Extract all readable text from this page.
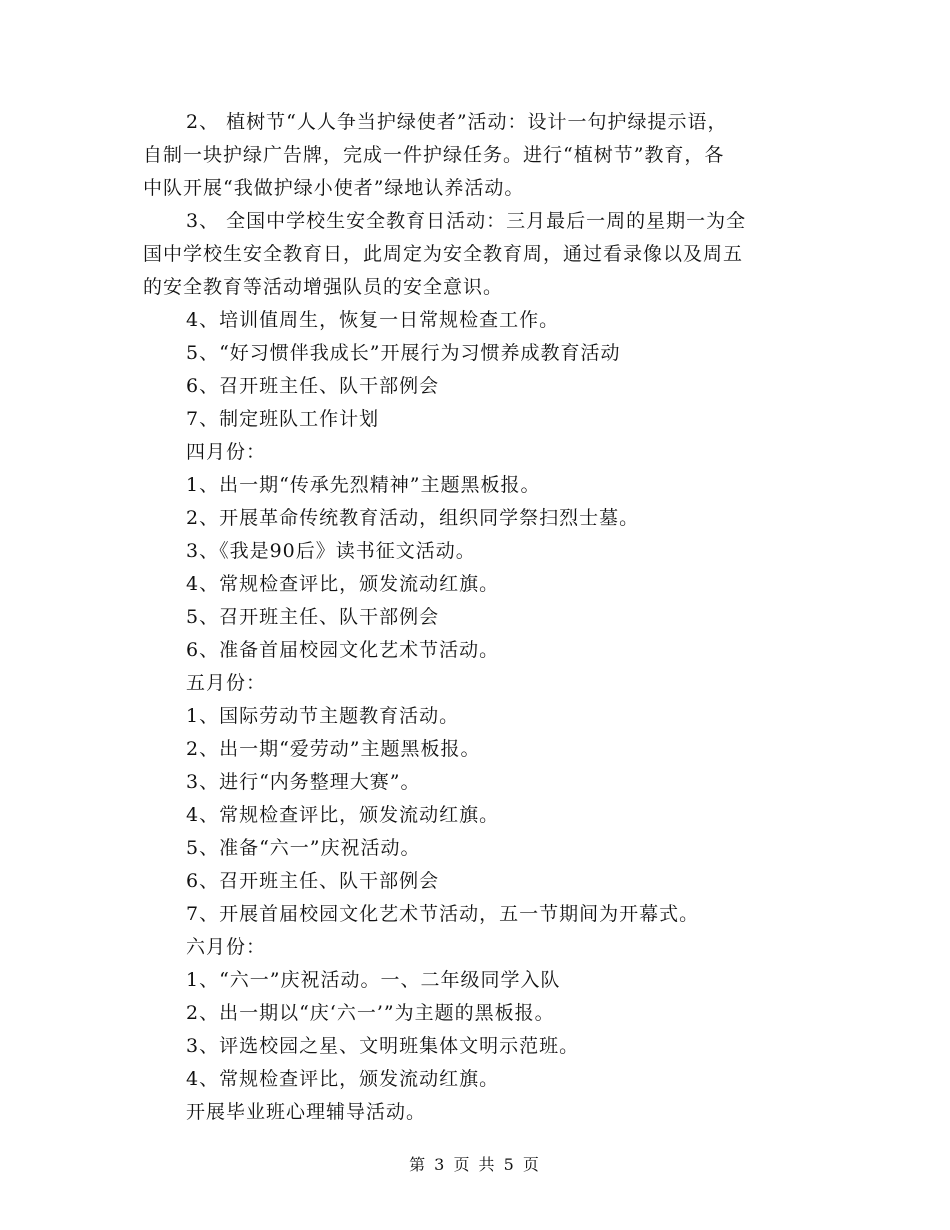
2、 植树节“人人争当护绿使者”活动：设计一句护绿提示语，
自制一块护绿广告牌，完成一件护绿任务。进行“植树节”教育，各
中队开展“我做护绿小使者”绿地认养活动。
3、 全国中学校生安全教育日活动：三月最后一周的星期一为全
国中学校生安全教育日，此周定为安全教育周，通过看录像以及周五
的安全教育等活动增强队员的安全意识。
4、培训值周生，恢复一日常规检查工作。
5、“好习惯伴我成长”开展行为习惯养成教育活动
6、召开班主任、队干部例会
7、制定班队工作计划
四月份：
1、出一期“传承先烈精神”主题黑板报。
2、开展革命传统教育活动，组织同学祭扫烈士墓。
3、《我是90后》读书征文活动。
4、常规检查评比，颁发流动红旗。
5、召开班主任、队干部例会
6、准备首届校园文化艺术节活动。
五月份：
1、国际劳动节主题教育活动。
2、出一期“爱劳动”主题黑板报。
3、进行“内务整理大赛”。
4、常规检查评比，颁发流动红旗。
5、准备“六一”庆祝活动。
6、召开班主任、队干部例会
7、开展首届校园文化艺术节活动，五一节期间为开幕式。
六月份：
1、“六一”庆祝活动。一、二年级同学入队
2、出一期以“庆‘六一’”为主题的黑板报。
3、评选校园之星、文明班集体文明示范班。
4、常规检查评比，颁发流动红旗。
开展毕业班心理辅导活动。
第 3 页 共 5 页
